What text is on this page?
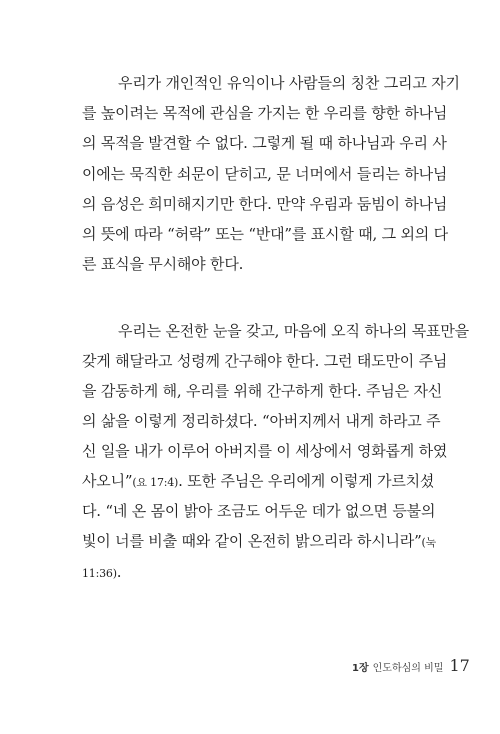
우리가 개인적인 유익이나 사람들의 칭찬 그리고 자기
를 높이려는 목적에 관심을 가지는 한 우리를 향한 하나님
의 목적을 발견할 수 없다. 그렇게 될 때 하나님과 우리 사
이에는 묵직한 쇠문이 닫히고, 문 너머에서 들리는 하나님
의 음성은 희미해지기만 한다. 만약 우림과 둠빔이 하나님
의 뜻에 따라 “허락” 또는 “반대”를 표시할 때, 그 외의 다
른 표식을 무시해야 한다.
우리는 온전한 눈을 갖고, 마음에 오직 하나의 목표만을
갖게 해달라고 성령께 간구해야 한다. 그런 태도만이 주님
을 감동하게 해, 우리를 위해 간구하게 한다. 주님은 자신
의 삶을 이렇게 정리하셨다. “아버지께서 내게 하라고 주
신 일을 내가 이루어 아버지를 이 세상에서 영화롭게 하였
사오니”(요 17:4). 또한 주님은 우리에게 이렇게 가르치셨
다. “네 온 몸이 밝아 조금도 어두운 데가 없으면 등불의
빛이 너를 비출 때와 같이 온전히 밝으리라 하시니라”(눅
11:36).
1장 인도하심의 비밀 17
